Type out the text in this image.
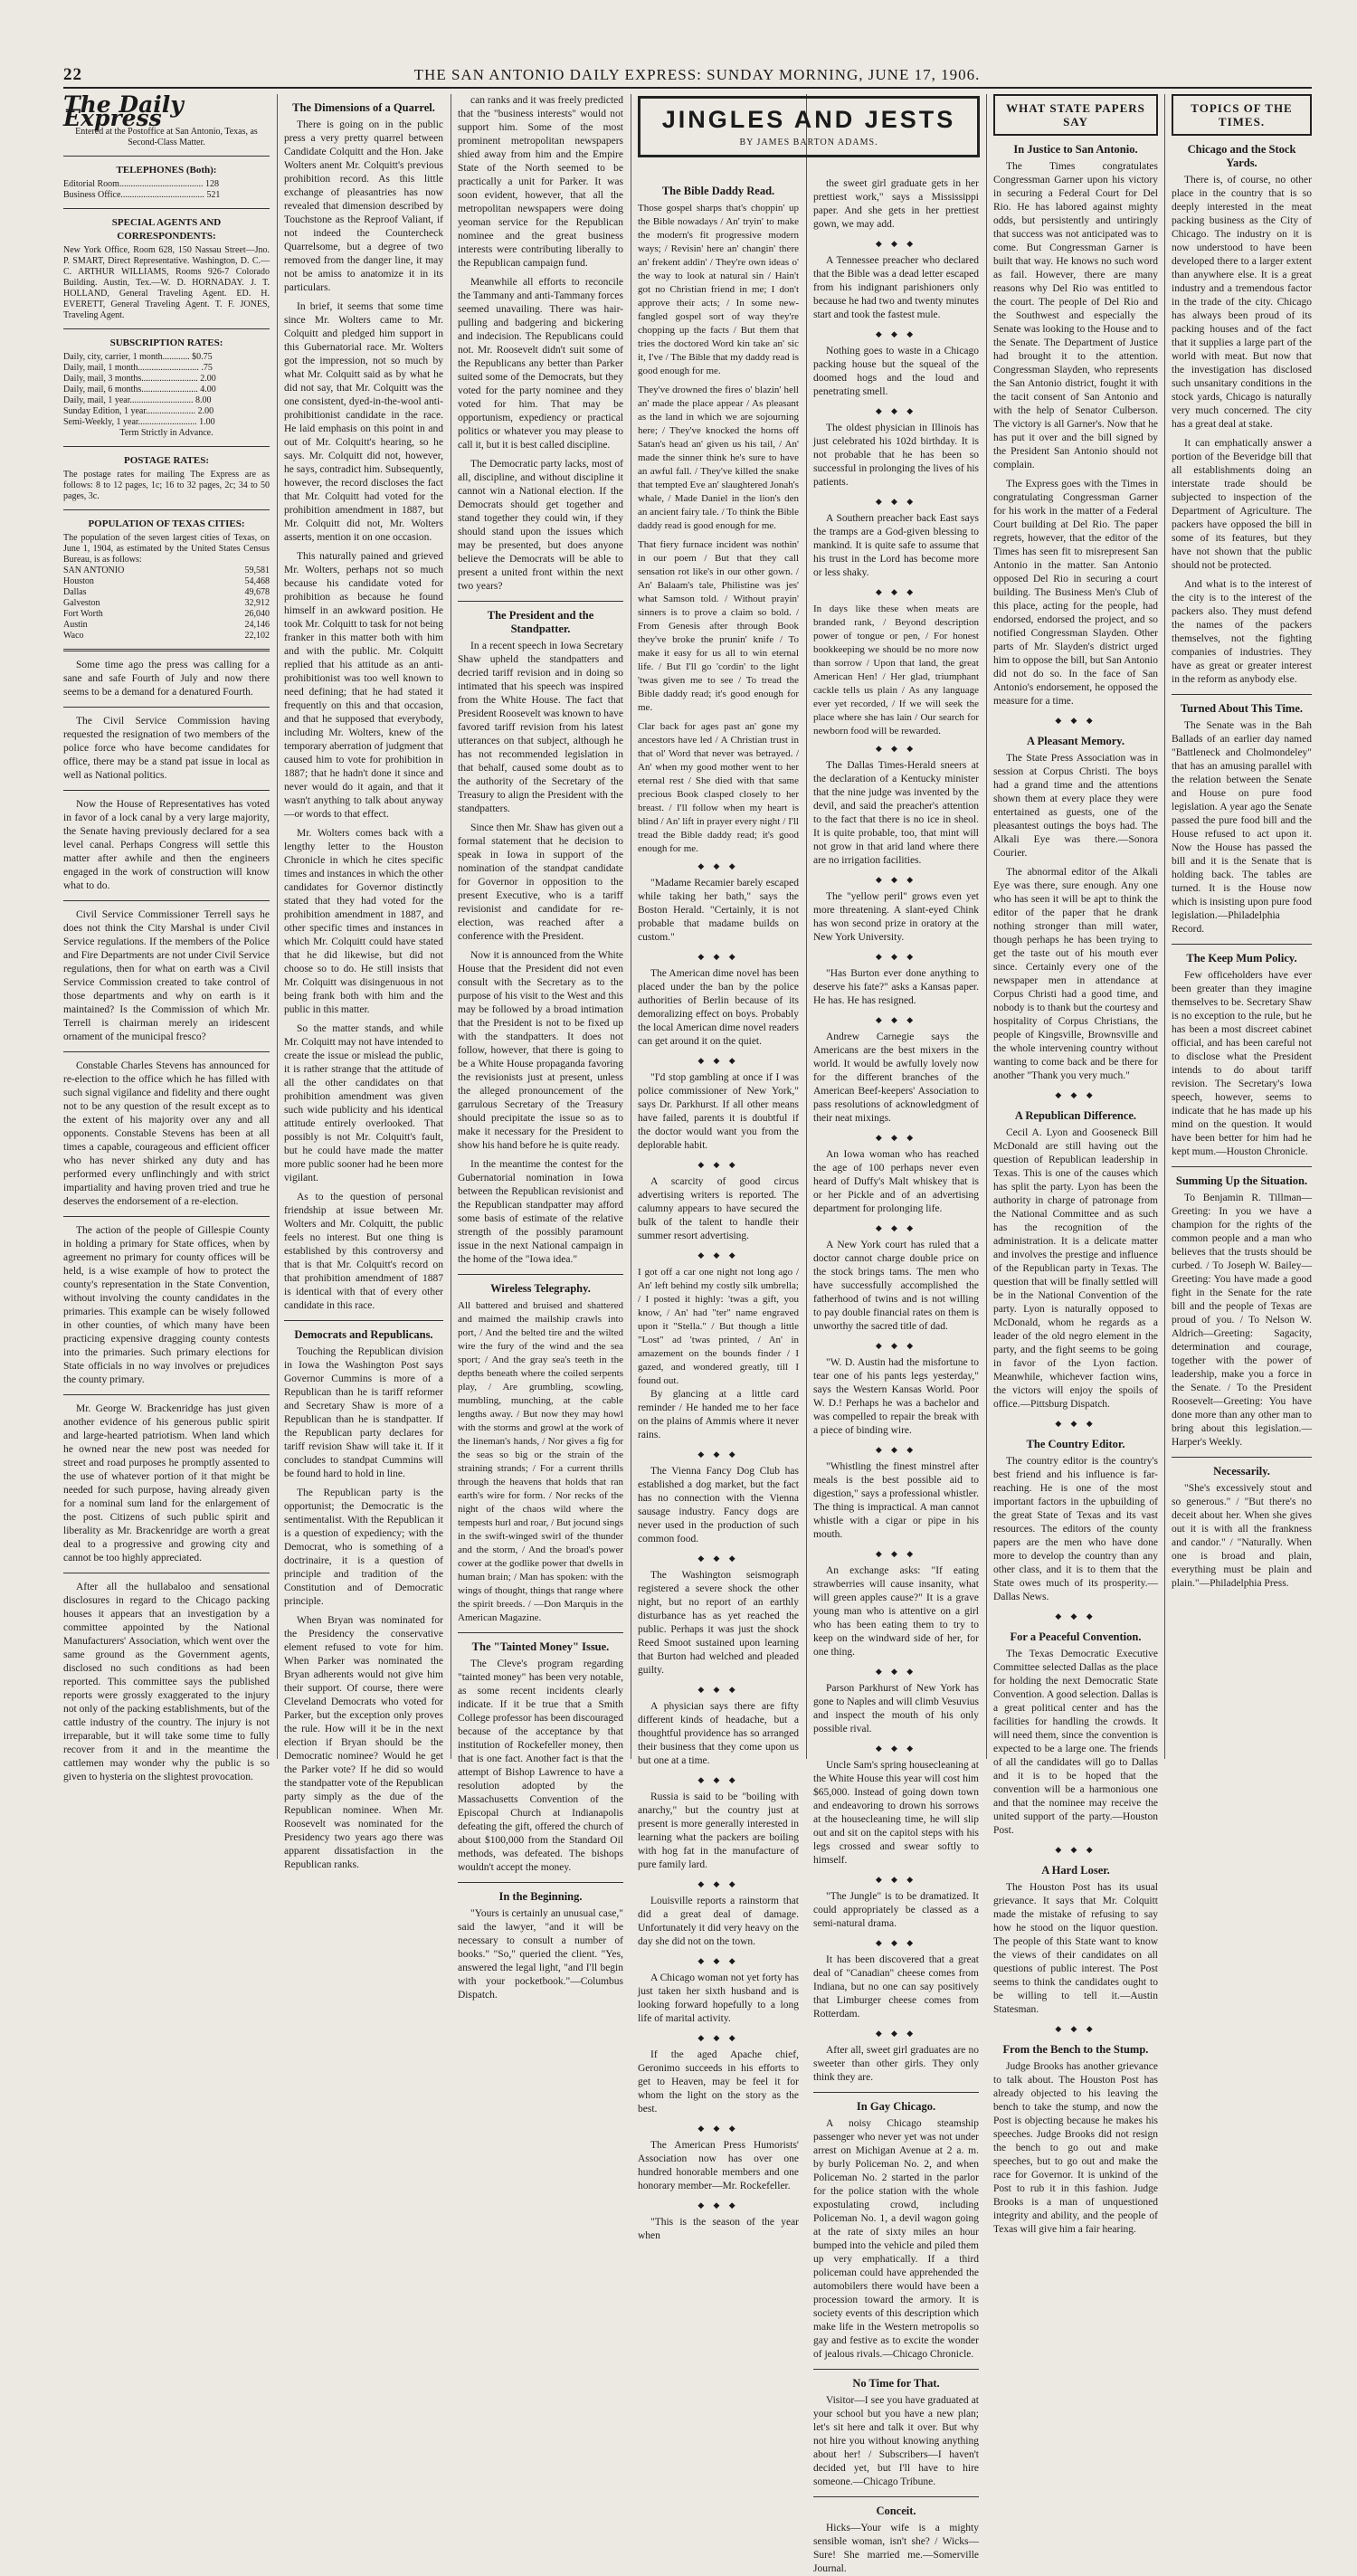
22	THE SAN ANTONIO DAILY EXPRESS: SUNDAY MORNING, JUNE 17, 1906.
The Daily Express
Entered at the Postoffice at San Antonio, Texas, as Second-Class Matter.
TELEPHONES (Both):
Editorial Room..................................... 128
Business Office..................................... 521
SPECIAL AGENTS AND CORRESPONDENTS:
New York Office, Room 628, 150 Nassau Street—Jno. P. SMART, Direct Representative. Washington, D. C.—C. ARTHUR WILLIAMS, Rooms 926-7 Colorado Building. Austin, Tex.—W. D. HORNADAY. J. T. HOLLAND, General Traveling Agent. ED. H. EVERETT, General Traveling Agent. T. F. JONES, Traveling Agent.
SUBSCRIPTION RATES:
Daily, city, carrier, 1 month............ $0.75
Daily, mail, 1 month........................... .75
Daily, mail, 3 months......................... 2.00
Daily, mail, 6 months......................... 4.00
Daily, mail, 1 year............................ 8.00
Sunday Edition, 1 year...................... 2.00
Semi-Weekly, 1 year.......................... 1.00
Term Strictly in Advance.
POSTAGE RATES:
The postage rates for mailing The Express are as follows: 8 to 12 pages, 1c; 16 to 32 pages, 2c; 34 to 50 pages, 3c.
POPULATION OF TEXAS CITIES:
The population of the seven largest cities of Texas, on June 1, 1904, as estimated by the United States Census Bureau, is as follows:
SAN ANTONIO	59,581
Houston	54,468
Dallas	49,678
Galveston	32,912
Fort Worth	26,040
Austin	24,146
Waco	22,102

Some time ago the press was calling for a sane and safe Fourth of July and now there seems to be a demand for a denatured Fourth.

The Civil Service Commission having requested the resignation of two members of the police force who have become candidates for office, there may be a stand pat issue in local as well as National politics.

Now the House of Representatives has voted in favor of a lock canal by a very large majority, the Senate having previously declared for a sea level canal. Perhaps Congress will settle this matter after awhile and then the engineers engaged in the work of construction will know what to do.

Civil Service Commissioner Terrell says he does not think the City Marshal is under Civil Service regulations. If the members of the Police and Fire Departments are not under Civil Service regulations, then for what on earth was a Civil Service Commission created to take control of those departments and why on earth is it maintained? Is the Commission of which Mr. Terrell is chairman merely an iridescent ornament of the municipal fresco?

Constable Charles Stevens has announced for re-election to the office which he has filled with such signal vigilance and fidelity and there ought not to be any question of the result except as to the extent of his majority over any and all opponents. Constable Stevens has been at all times a capable, courageous and efficient officer who has never shirked any duty and has performed every unflinchingly and with strict impartiality and having proven tried and true he deserves the endorsement of a re-election.

The action of the people of Gillespie County in holding a primary for State offices, when by agreement no primary for county offices will be held, is a wise example of how to protect the county's representation in the State Convention, without involving the county candidates in the primaries. This example can be wisely followed in other counties, of which many have been practicing expensive dragging county contests into the primaries. Such primary elections for State officials in no way involves or prejudices the county primary.

Mr. George W. Brackenridge has just given another evidence of his generous public spirit and large-hearted patriotism. When land which he owned near the new post was needed for street and road purposes he promptly assented to the use of whatever portion of it that might be needed for such purpose, having already given for a nominal sum land for the enlargement of the post. Citizens of such public spirit and liberality as Mr. Brackenridge are worth a great deal to a progressive and growing city and cannot be too highly appreciated.

After all the hullabaloo and sensational disclosures in regard to the Chicago packing houses it appears that an investigation by a committee appointed by the National Manufacturers' Association, which went over the same ground as the Government agents, disclosed no such conditions as had been reported. This committee says the published reports were grossly exaggerated to the injury not only of the packing establishments, but of the cattle industry of the country. The injury is not irreparable, but it will take some time to fully recover from it and in the meantime the cattlemen may wonder why the public is so given to hysteria on the slightest provocation.

The Dimensions of a Quarrel.

There is going on in the public press a very pretty quarrel between Candidate Colquitt and the Hon. Jake Wolters anent Mr. Colquitt's previous prohibition record. As this little exchange of pleasantries has now revealed that dimension described by Touchstone as the Reproof Valiant, if not indeed the Countercheck Quarrelsome, but a degree of two removed from the danger line, it may not be amiss to anatomize it in its particulars.

In brief, it seems that some time since Mr. Wolters came to Mr. Colquitt and pledged him support in this Gubernatorial race. Mr. Wolters got the impression, not so much by what Mr. Colquitt said as by what he did not say, that Mr. Colquitt was the one consistent, dyed-in-the-wool anti-prohibitionist candidate in the race. He laid emphasis on this point in and out of Mr. Colquitt's hearing, so he says. Mr. Colquitt did not, however, he says, contradict him. Subsequently, however, the record discloses the fact that Mr. Colquitt had voted for the prohibition amendment in 1887, but Mr. Colquitt did not, Mr. Wolters asserts, mention it on one occasion.

This naturally pained and grieved Mr. Wolters, perhaps not so much because his candidate voted for prohibition as because he found himself in an awkward position. He took Mr. Colquitt to task for not being franker in this matter both with him and with the public. Mr. Colquitt replied that his attitude as an anti-prohibitionist was too well known to need defining; that he had stated it frequently on this and that occasion, and that he supposed that everybody, including Mr. Wolters, knew of the temporary aberration of judgment that caused him to vote for prohibition in 1887; that he hadn't done it since and never would do it again, and that it wasn't anything to talk about anyway—or words to that effect.

Mr. Wolters comes back with a lengthy letter to the Houston Chronicle in which he cites specific times and instances in which the other candidates for Governor distinctly stated that they had voted for the prohibition amendment in 1887, and other specific times and instances in which Mr. Colquitt could have stated that he did likewise, but did not choose so to do. He still insists that Mr. Colquitt was disingenuous in not being frank both with him and the public in this matter.

So the matter stands, and while Mr. Colquitt may not have intended to create the issue or mislead the public, it is rather strange that the attitude of all the other candidates on that prohibition amendment was given such wide publicity and his identical attitude entirely overlooked. That possibly is not Mr. Colquitt's fault, but he could have made the matter more public sooner had he been more vigilant.

As to the question of personal friendship at issue between Mr. Wolters and Mr. Colquitt, the public feels no interest. But one thing is established by this controversy and that is that Mr. Colquitt's record on that prohibition amendment of 1887 is identical with that of every other candidate in this race.

Democrats and Republicans.

Touching the Republican division in Iowa the Washington Post says Governor Cummins is more of a Republican than he is tariff reformer and Secretary Shaw is more of a Republican than he is standpatter. If the Republican party declares for tariff revision Shaw will take it. If it concludes to standpat Cummins will be found hard to hold in line.

The Republican party is the opportunist; the Democratic is the sentimentalist. With the Republican it is a question of expediency; with the Democrat, who is something of a doctrinaire, it is a question of principle and tradition of the Constitution and of Democratic principle.

When Bryan was nominated for the Presidency the conservative element refused to vote for him. When Parker was nominated the Bryan adherents would not give him their support. Of course, there were Cleveland Democrats who voted for Parker, but the exception only proves the rule. How will it be in the next election if Bryan should be the Democratic nominee? Would he get the Parker vote? If he did so would the standpatter vote of the Republican party simply as the due of the Republican nominee. When Mr. Roosevelt was nominated for the Presidency two years ago there was apparent dissatisfaction in the Republican ranks.

can ranks and it was freely predicted that the "business interests" would not support him. Some of the most prominent metropolitan newspapers shied away from him and the Empire State of the North seemed to be practically a unit for Parker. It was soon evident, however, that all the metropolitan newspapers were doing yeoman service for the Republican nominee and the great business interests were contributing liberally to the Republican campaign fund.

Meanwhile all efforts to reconcile the Tammany and anti-Tammany forces seemed unavailing. There was hair-pulling and badgering and bickering and indecision. The Republicans could not. Mr. Roosevelt didn't suit some of the Republicans any better than Parker suited some of the Democrats, but they voted for the party nominee and they voted for him. That may be opportunism, expediency or practical politics or whatever you may please to call it, but it is best called discipline.

The Democratic party lacks, most of all, discipline, and without discipline it cannot win a National election. If the Democrats should get together and stand together they could win, if they should stand upon the issues which may be presented, but does anyone believe the Democrats will be able to present a united front within the next two years?

The President and the Standpatter.

In a recent speech in Iowa Secretary Shaw upheld the standpatters and decried tariff revision and in doing so intimated that his speech was inspired from the White House. The fact that President Roosevelt was known to have favored tariff revision from his latest utterances on that subject, although he has not recommended legislation in that behalf, caused some doubt as to the authority of the Secretary of the Treasury to align the President with the standpatters.

Since then Mr. Shaw has given out a formal statement that he decision to speak in Iowa in support of the nomination of the standpat candidate for Governor in opposition to the present Executive, who is a tariff revisionist and candidate for re-election, was reached after a conference with the President.

Now it is announced from the White House that the President did not even consult with the Secretary as to the purpose of his visit to the West and this may be followed by a broad intimation that the President is not to be fixed up with the standpatters. It does not follow, however, that there is going to be a White House propaganda favoring the revisionists just at present, unless the alleged pronouncement of the garrulous Secretary of the Treasury should precipitate the issue so as to make it necessary for the President to show his hand before he is quite ready.

In the meantime the contest for the Gubernatorial nomination in Iowa between the Republican revisionist and the Republican standpatter may afford some basis of estimate of the relative strength of the possibly paramount issue in the next National campaign in the home of the "Iowa idea."

Wireless Telegraphy.
All battered and bruised and shattered and maimed the mailship crawls into port, / And the belted tire and the wilted wire the fury of the wind and the sea sport; / And the gray sea's teeth in the depths beneath where the coiled serpents play, / Are grumbling, scowling, mumbling, munching, at the cable lengths away. / But now they may howl with the storms and growl at the work of the lineman's hands, / Nor gives a fig for the seas so big or the strain of the straining strands; / For a current thrills through the heavens that holds that ran earth's wire for form. / Nor recks of the night of the chaos wild where the tempests hurl and roar, / But jocund sings in the swift-winged swirl of the thunder and the storm, / And the broad's power cower at the godlike power that dwells in human brain; / Man has spoken: with the wings of thought, things that range where the spirit breeds. / —Don Marquis in the American Magazine.
The "Tainted Money" Issue.

The Cleve's program regarding "tainted money" has been very notable, as some recent incidents clearly indicate. If it be true that a Smith College professor has been discouraged because of the acceptance by that institution of Rockefeller money, then that is one fact. Another fact is that the attempt of Bishop Lawrence to have a resolution adopted by the Massachusetts Convention of the Episcopal Church at Indianapolis defeating the gift, offered the church of about $100,000 from the Standard Oil methods, was defeated. The bishops wouldn't accept the money.

In the Beginning.

"Yours is certainly an unusual case," said the lawyer, "and it will be necessary to consult a number of books." "So," queried the client. "Yes, answered the legal light, "and I'll begin with your pocketbook."—Columbus Dispatch.

JINGLES AND JESTS
BY JAMES BARTON ADAMS.
The Bible Daddy Read.
Those gospel sharps that's choppin' up the Bible nowadays / An' tryin' to make the modern's fit progressive modern ways; / Revisin' here an' changin' there an' frekent addin' / They're own ideas o' the way to look at natural sin / Hain't got no Christian friend in me; I don't approve their acts; / In some new-fangled gospel sort of way they're chopping up the facts / But them that tries the doctored Word kin take an' sic it, I've / The Bible that my daddy read is good enough for me.
They've drowned the fires o' blazin' hell an' made the place appear / As pleasant as the land in which we are sojourning here; / They've knocked the horns off Satan's head an' given us his tail, / An' made the sinner think he's sure to have an awful fall. / They've killed the snake that tempted Eve an' slaughtered Jonah's whale, / Made Daniel in the lion's den an ancient fairy tale. / To think the Bible daddy read is good enough for me.
That fiery furnace incident was nothin' in our poem / But that they call sensation rot like's in our other gown. / An' Balaam's tale, Philistine was jes' what Samson told. / Without prayin' sinners is to prove a claim so bold. / From Genesis after through Book they've broke the prunin' knife / To make it easy for us all to win eternal life. / But I'll go 'cordin' to the light 'twas given me to see / To tread the Bible daddy read; it's good enough for me.
Clar back for ages past an' gone my ancestors have led / A Christian trust in that ol' Word that never was betrayed. / An' when my good mother went to her eternal rest / She died with that same precious Book clasped closely to her breast. / I'll follow when my heart is blind / An' lift in prayer every night / I'll tread the Bible daddy read; it's good enough for me.
◆ ◆ ◆

"Madame Recamier barely escaped while taking her bath," says the Boston Herald. "Certainly, it is not probable that madame builds on custom."

◆ ◆ ◆

The American dime novel has been placed under the ban by the police authorities of Berlin because of its demoralizing effect on boys. Probably the local American dime novel readers can get around it on the quiet.

◆ ◆ ◆

"I'd stop gambling at once if I was police commissioner of New York," says Dr. Parkhurst. If all other means have failed, parents it is doubtful if the doctor would want you from the deplorable habit.

◆ ◆ ◆

A scarcity of good circus advertising writers is reported. The calumny appears to have secured the bulk of the talent to handle their summer resort advertising.

◆ ◆ ◆
I got off a car one night not long ago / An' left behind my costly silk umbrella; / I posted it highly: 'twas a gift, you know, / An' had "ter" name engraved upon it "Stella." / But though a little "Lost" ad 'twas printed, / An' in amazement on the bounds finder / I gazed, and wondered greatly, till I found out.

By glancing at a little card reminder / He handed me to her face on the plains of Ammis where it never rains.

◆ ◆ ◆

The Vienna Fancy Dog Club has established a dog market, but the fact has no connection with the Vienna sausage industry. Fancy dogs are never used in the production of such common food.

◆ ◆ ◆

The Washington seismograph registered a severe shock the other night, but no report of an earthly disturbance has as yet reached the public. Perhaps it was just the shock Reed Smoot sustained upon learning that Burton had welched and pleaded guilty.

◆ ◆ ◆

A physician says there are fifty different kinds of headache, but a thoughtful providence has so arranged their business that they come upon us but one at a time.

◆ ◆ ◆

Russia is said to be "boiling with anarchy," but the country just at present is more generally interested in learning what the packers are boiling with hog fat in the manufacture of pure family lard.

◆ ◆ ◆

Louisville reports a rainstorm that did a great deal of damage. Unfortunately it did very heavy on the day she did not on the town.

◆ ◆ ◆

A Chicago woman not yet forty has just taken her sixth husband and is looking forward hopefully to a long life of marital activity.

◆ ◆ ◆

If the aged Apache chief, Geronimo succeeds in his efforts to get to Heaven, may be feel it for whom the light on the story as the best.

◆ ◆ ◆

The American Press Humorists' Association now has over one hundred honorable members and one honorary member—Mr. Rockefeller.

◆ ◆ ◆

"This is the season of the year when

the sweet girl graduate gets in her prettiest work," says a Mississippi paper. And she gets in her prettiest gown, we may add.

◆ ◆ ◆

A Tennessee preacher who declared that the Bible was a dead letter escaped from his indignant parishioners only because he had two and twenty minutes start and took the fastest mule.

◆ ◆ ◆

Nothing goes to waste in a Chicago packing house but the squeal of the doomed hogs and the loud and penetrating smell.

◆ ◆ ◆

The oldest physician in Illinois has just celebrated his 102d birthday. It is not probable that he has been so successful in prolonging the lives of his patients.

◆ ◆ ◆

A Southern preacher back East says the tramps are a God-given blessing to mankind. It is quite safe to assume that his trust in the Lord has become more or less shaky.

◆ ◆ ◆
In days like these when meats are branded rank, / Beyond description power of tongue or pen, / For honest bookkeeping we should be no more now than sorrow / Upon that land, the great American Hen! / Her glad, triumphant cackle tells us plain / As any language ever yet recorded, / If we will seek the place where she has lain / Our search for newborn food will be rewarded.
◆ ◆ ◆

The Dallas Times-Herald sneers at the declaration of a Kentucky minister that the nine judge was invented by the devil, and said the preacher's attention to the fact that there is no ice in sheol. It is quite probable, too, that mint will not grow in that arid land where there are no irrigation facilities.

◆ ◆ ◆

The "yellow peril" grows even yet more threatening. A slant-eyed Chink has won second prize in oratory at the New York University.

◆ ◆ ◆

"Has Burton ever done anything to deserve his fate?" asks a Kansas paper. He has. He has resigned.

◆ ◆ ◆

Andrew Carnegie says the Americans are the best mixers in the world. It would be awfully lovely now for the different branches of the American Beef-keepers' Association to pass resolutions of acknowledgment of their neat mixings.

◆ ◆ ◆

An Iowa woman who has reached the age of 100 perhaps never even heard of Duffy's Malt whiskey that is or her Pickle and of an advertising department for prolonging life.

◆ ◆ ◆

A New York court has ruled that a doctor cannot charge double price on the stock brings tams. The men who have successfully accomplished the fatherhood of twins and is not willing to pay double financial rates on them is unworthy the sacred title of dad.

◆ ◆ ◆

"W. D. Austin had the misfortune to tear one of his pants legs yesterday," says the Western Kansas World. Poor W. D.! Perhaps he was a bachelor and was compelled to repair the break with a piece of binding wire.

◆ ◆ ◆

"Whistling the finest minstrel after meals is the best possible aid to digestion," says a professional whistler. The thing is impractical. A man cannot whistle with a cigar or pipe in his mouth.

◆ ◆ ◆

An exchange asks: "If eating strawberries will cause insanity, what will green apples cause?" It is a grave young man who is attentive on a girl who has been eating them to try to keep on the windward side of her, for one thing.

◆ ◆ ◆

Parson Parkhurst of New York has gone to Naples and will climb Vesuvius and inspect the mouth of his only possible rival.

◆ ◆ ◆

Uncle Sam's spring housecleaning at the White House this year will cost him $65,000. Instead of going down town and endeavoring to drown his sorrows at the housecleaning time, he will slip out and sit on the capitol steps with his legs crossed and swear softly to himself.

◆ ◆ ◆

"The Jungle" is to be dramatized. It could appropriately be classed as a semi-natural drama.

◆ ◆ ◆

It has been discovered that a great deal of "Canadian" cheese comes from Indiana, but no one can say positively that Limburger cheese comes from Rotterdam.

◆ ◆ ◆

After all, sweet girl graduates are no sweeter than other girls. They only think they are.

In Gay Chicago.

A noisy Chicago steamship passenger who never yet was not under arrest on Michigan Avenue at 2 a. m. by burly Policeman No. 2, and when Policeman No. 2 started in the parlor for the police station with the whole expostulating crowd, including Policeman No. 1, a devil wagon going at the rate of sixty miles an hour bumped into the vehicle and piled them up very emphatically. If a third policeman could have apprehended the automobilers there would have been a procession toward the armory. It is society events of this description which make life in the Western metropolis so gay and festive as to excite the wonder of jealous rivals.—Chicago Chronicle.

No Time for That.

Visitor—I see you have graduated at your school but you have a new plan; let's sit here and talk it over. But why not hire you without knowing anything about her! / Subscribers—I haven't decided yet, but I'll have to hire someone.—Chicago Tribune.

Conceit.

Hicks—Your wife is a mighty sensible woman, isn't she? / Wicks—Sure! She married me.—Somerville Journal.

WHAT STATE PAPERS SAY
In Justice to San Antonio.

The Times congratulates Congressman Garner upon his victory in securing a Federal Court for Del Rio. He has labored against mighty odds, but persistently and untiringly that success was not anticipated was to come. But Congressman Garner is built that way. He knows no such word as fail. However, there are many reasons why Del Rio was entitled to the court. The people of Del Rio and the Southwest and especially the Senate was looking to the House and to the Senate. The Department of Justice had brought it to the attention. Congressman Slayden, who represents the San Antonio district, fought it with the tacit consent of San Antonio and with the help of Senator Culberson. The victory is all Garner's. Now that he has put it over and the bill signed by the President San Antonio should not complain.

The Express goes with the Times in congratulating Congressman Garner for his work in the matter of a Federal Court building at Del Rio. The paper regrets, however, that the editor of the Times has seen fit to misrepresent San Antonio in the matter. San Antonio opposed Del Rio in securing a court building. The Business Men's Club of this place, acting for the people, had endorsed, endorsed the project, and so notified Congressman Slayden. Other parts of Mr. Slayden's district urged him to oppose the bill, but San Antonio did not do so. In the face of San Antonio's endorsement, he opposed the measure for a time.

◆ ◆ ◆
A Pleasant Memory.

The State Press Association was in session at Corpus Christi. The boys had a grand time and the attentions shown them at every place they were entertained as guests, one of the pleasantest outings the boys had. The Alkali Eye was there.—Sonora Courier.

The abnormal editor of the Alkali Eye was there, sure enough. Any one who has seen it will be apt to think the editor of the paper that he drank nothing stronger than mill water, though perhaps he has been trying to get the taste out of his mouth ever since. Certainly every one of the newspaper men in attendance at Corpus Christi had a good time, and nobody is to thank but the courtesy and hospitality of Corpus Christians, the people of Kingsville, Brownsville and the whole intervening country without wanting to come back and be there for another "Thank you very much."

◆ ◆ ◆
A Republican Difference.

Cecil A. Lyon and Gooseneck Bill McDonald are still having out the question of Republican leadership in Texas. This is one of the causes which has split the party. Lyon has been the authority in charge of patronage from the National Committee and as such has the recognition of the administration. It is a delicate matter and involves the prestige and influence of the Republican party in Texas. The question that will be finally settled will be in the National Convention of the party. Lyon is naturally opposed to McDonald, whom he regards as a leader of the old negro element in the party, and the fight seems to be going in favor of the Lyon faction. Meanwhile, whichever faction wins, the victors will enjoy the spoils of office.—Pittsburg Dispatch.

◆ ◆ ◆
The Country Editor.

The country editor is the country's best friend and his influence is far-reaching. He is one of the most important factors in the upbuilding of the great State of Texas and its vast resources. The editors of the county papers are the men who have done more to develop the country than any other class, and it is to them that the State owes much of its prosperity.—Dallas News.

◆ ◆ ◆
For a Peaceful Convention.

The Texas Democratic Executive Committee selected Dallas as the place for holding the next Democratic State Convention. A good selection. Dallas is a great political center and has the facilities for handling the crowds. It will need them, since the convention is expected to be a large one. The friends of all the candidates will go to Dallas and it is to be hoped that the convention will be a harmonious one and that the nominee may receive the united support of the party.—Houston Post.

◆ ◆ ◆
A Hard Loser.

The Houston Post has its usual grievance. It says that Mr. Colquitt made the mistake of refusing to say how he stood on the liquor question. The people of this State want to know the views of their candidates on all questions of public interest. The Post seems to think the candidates ought to be willing to tell it.—Austin Statesman.

◆ ◆ ◆
From the Bench to the Stump.

Judge Brooks has another grievance to talk about. The Houston Post has already objected to his leaving the bench to take the stump, and now the Post is objecting because he makes his speeches. Judge Brooks did not resign the bench to go out and make speeches, but to go out and make the race for Governor. It is unkind of the Post to rub it in this fashion. Judge Brooks is a man of unquestioned integrity and ability, and the people of Texas will give him a fair hearing.

TOPICS OF THE TIMES.
Chicago and the Stock Yards.

There is, of course, no other place in the country that is so deeply interested in the meat packing business as the City of Chicago. The industry on it is now understood to have been developed there to a larger extent than anywhere else. It is a great industry and a tremendous factor in the trade of the city. Chicago has always been proud of its packing houses and of the fact that it supplies a large part of the world with meat. But now that the investigation has disclosed such unsanitary conditions in the stock yards, Chicago is naturally very much concerned. The city has a great deal at stake.

It can emphatically answer a portion of the Beveridge bill that all establishments doing an interstate trade should be subjected to inspection of the Department of Agriculture. The packers have opposed the bill in some of its features, but they have not shown that the public should not be protected.

And what is to the interest of the city is to the interest of the packers also. They must defend the names of the packers themselves, not the fighting companies of industries. They have as great or greater interest in the reform as anybody else.

Turned About This Time.

The Senate was in the Bah Ballads of an earlier day named "Battleneck and Cholmondeley" that has an amusing parallel with the relation between the Senate and House on pure food legislation. A year ago the Senate passed the pure food bill and the House refused to act upon it. Now the House has passed the bill and it is the Senate that is holding back. The tables are turned. It is the House now which is insisting upon pure food legislation.—Philadelphia Record.

The Keep Mum Policy.

Few officeholders have ever been greater than they imagine themselves to be. Secretary Shaw is no exception to the rule, but he has been a most discreet cabinet official, and has been careful not to disclose what the President intends to do about tariff revision. The Secretary's Iowa speech, however, seems to indicate that he has made up his mind on the question. It would have been better for him had he kept mum.—Houston Chronicle.

Summing Up the Situation.

To Benjamin R. Tillman—Greeting: In you we have a champion for the rights of the common people and a man who believes that the trusts should be curbed. / To Joseph W. Bailey—Greeting: You have made a good fight in the Senate for the rate bill and the people of Texas are proud of you. / To Nelson W. Aldrich—Greeting: Sagacity, determination and courage, together with the power of leadership, make you a force in the Senate. / To the President Roosevelt—Greeting: You have done more than any other man to bring about this legislation.—Harper's Weekly.

Necessarily.

"She's excessively stout and so generous." / "But there's no deceit about her. When she gives out it is with all the frankness and candor." / "Naturally. When one is broad and plain, everything must be plain and plain."—Philadelphia Press.
